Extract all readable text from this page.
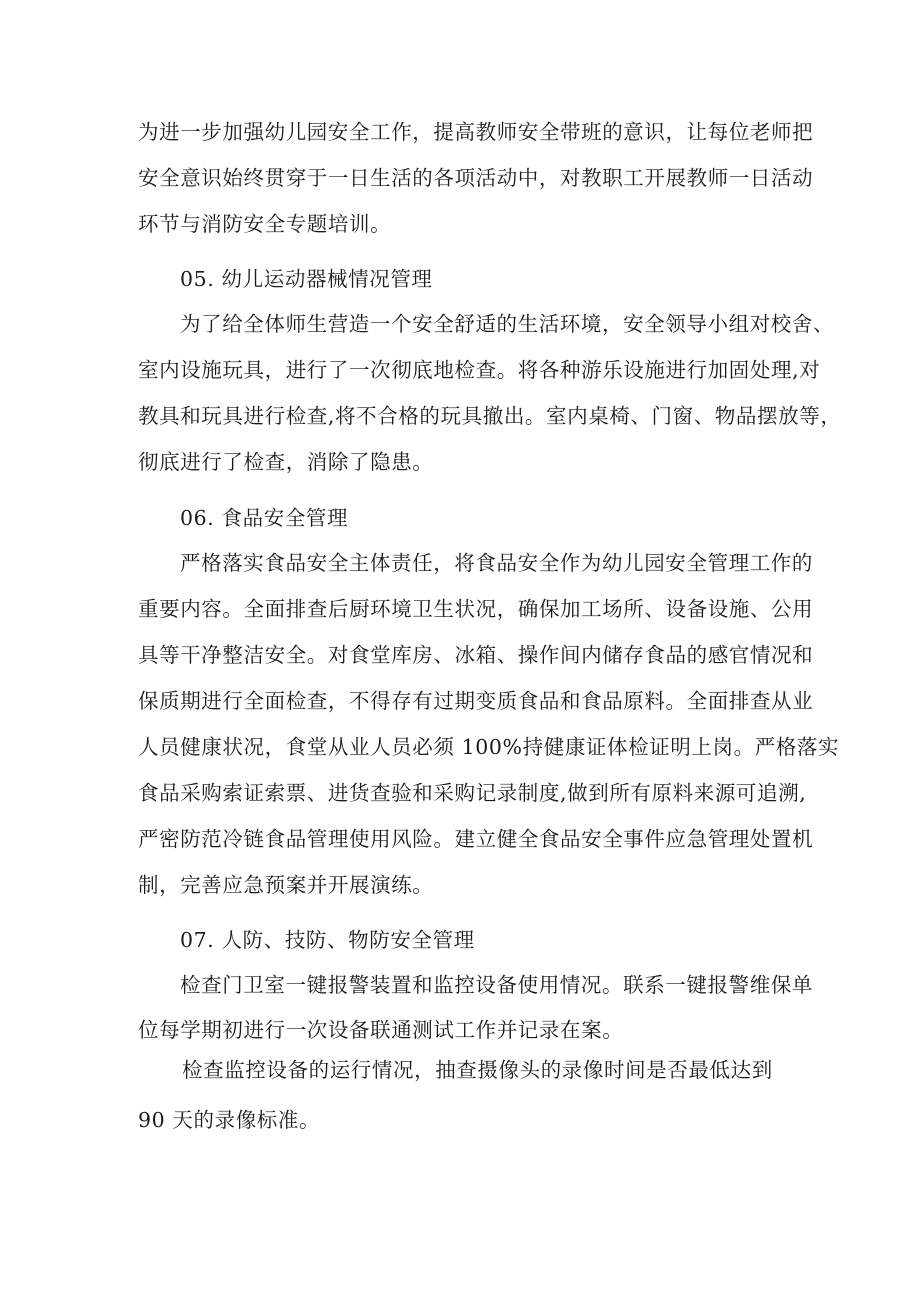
为进一步加强幼儿园安全工作，提高教师安全带班的意识，让每位老师把
安全意识始终贯穿于一日生活的各项活动中，对教职工开展教师一日活动
环节与消防安全专题培训。
05. 幼儿运动器械情况管理
为了给全体师生营造一个安全舒适的生活环境，安全领导小组对校舍、
室内设施玩具，进行了一次彻底地检查。将各种游乐设施进行加固处理,对
教具和玩具进行检查,将不合格的玩具撤出。室内桌椅、门窗、物品摆放等，
彻底进行了检查，消除了隐患。
06. 食品安全管理
严格落实食品安全主体责任，将食品安全作为幼儿园安全管理工作的
重要内容。全面排查后厨环境卫生状况，确保加工场所、设备设施、公用
具等干净整洁安全。对食堂库房、冰箱、操作间内储存食品的感官情况和
保质期进行全面检查，不得存有过期变质食品和食品原料。全面排查从业
人员健康状况，食堂从业人员必须 100%持健康证体检证明上岗。严格落实
食品采购索证索票、进货查验和采购记录制度,做到所有原料来源可追溯,
严密防范冷链食品管理使用风险。建立健全食品安全事件应急管理处置机
制，完善应急预案并开展演练。
07. 人防、技防、物防安全管理
检查门卫室一键报警装置和监控设备使用情况。联系一键报警维保单
位每学期初进行一次设备联通测试工作并记录在案。
检查监控设备的运行情况，抽查摄像头的录像时间是否最低达到
90 天的录像标准。
